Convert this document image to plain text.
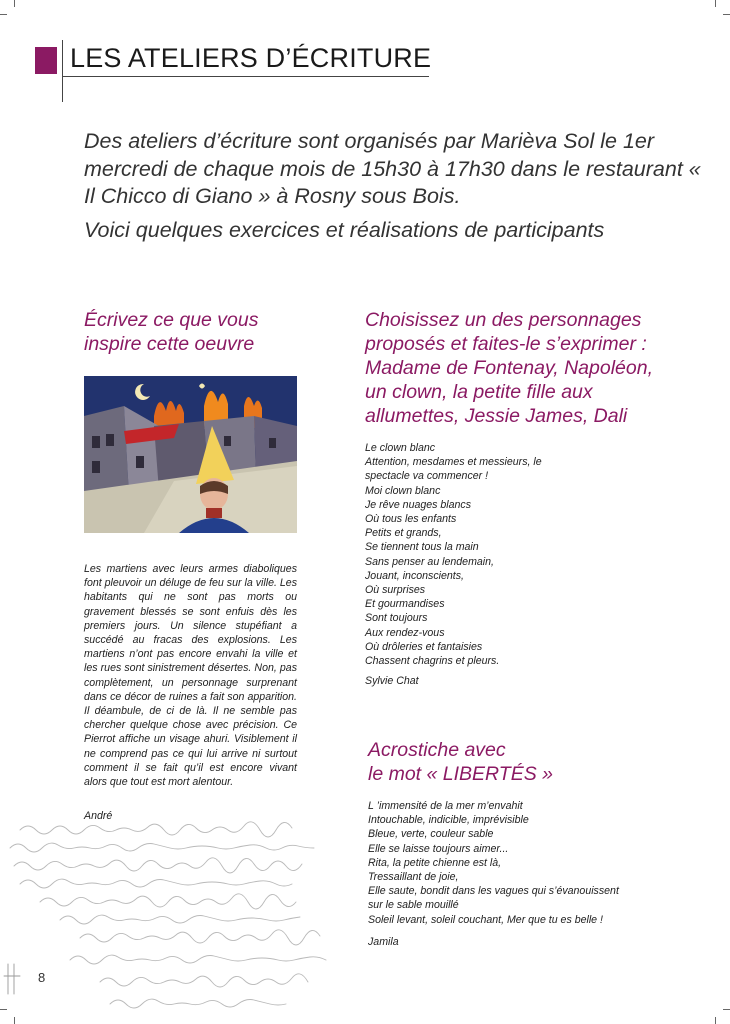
LES ATELIERS D’ÉCRITURE

Des ateliers d’écriture sont organisés par Marièva Sol le 1er mercredi de chaque mois de 15h30 à 17h30 dans le restaurant « Il Chicco di Giano » à Rosny sous Bois.

Voici quelques exercices et réalisations de participants

Écrivez ce que vous inspire cette oeuvre

Les martiens avec leurs armes diaboliques font pleuvoir un déluge de feu sur la ville. Les habitants qui ne sont pas morts ou gravement blessés se sont enfuis dès les premiers jours. Un silence stupéfiant a succédé au fracas des explosions. Les martiens n’ont pas encore envahi la ville et les rues sont sinistrement désertes. Non, pas complètement, un personnage surprenant dans ce décor de ruines a fait son apparition. Il déambule, de ci de là. Il ne semble pas chercher quelque chose avec précision. Ce Pierrot affiche un visage ahuri. Visiblement il ne comprend pas ce qui lui arrive ni surtout comment il se fait qu’il est encore vivant alors que tout est mort alentour.

André

Choisissez un des personnages proposés et faites-le s’exprimer : Madame de Fontenay, Napoléon, un clown, la petite fille aux allumettes, Jessie James, Dali
Le clown blanc
Attention, mesdames et messieurs, le
spectacle va commencer !
Moi clown blanc
Je rêve nuages blancs
Où tous les enfants
Petits et grands,
Se tiennent tous la main
Sans penser au lendemain,
Jouant, inconscients,
Où surprises
Et gourmandises
Sont toujours
Aux rendez-vous
Où drôleries et fantaisies
Chassent chagrins et pleurs.

Sylvie Chat

Acrostiche avec
le mot « LIBERTÉS »
L ’immensité de la mer m’envahit
Intouchable, indicible, imprévisible
Bleue, verte, couleur sable
Elle se laisse toujours aimer...
Rita, la petite chienne est là,
Tressaillant de joie,
Elle saute, bondit dans les vagues qui s’évanouissent
sur le sable mouillé
Soleil levant, soleil couchant, Mer que tu es belle !

Jamila

8
